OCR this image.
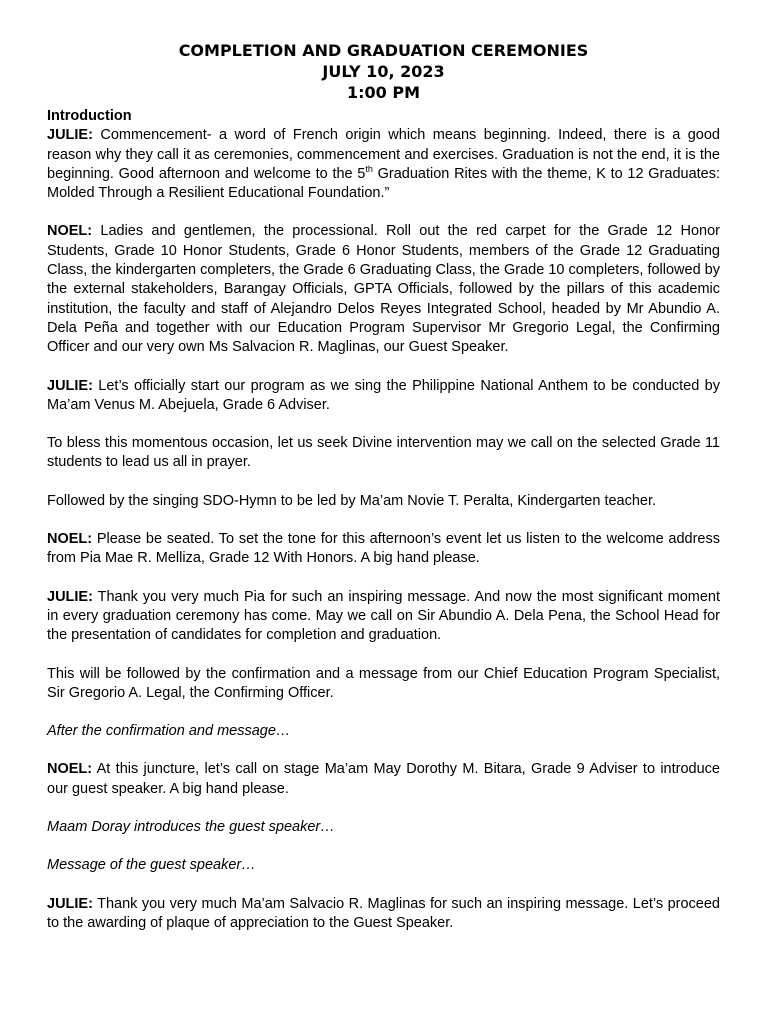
COMPLETION AND GRADUATION CEREMONIES
JULY 10, 2023
1:00 PM
Introduction

JULIE: Commencement- a word of French origin which means beginning. Indeed, there is a good reason why they call it as ceremonies, commencement and exercises. Graduation is not the end, it is the beginning. Good afternoon and welcome to the 5th Graduation Rites with the theme, K to 12 Graduates: Molded Through a Resilient Educational Foundation.”

NOEL: Ladies and gentlemen, the processional. Roll out the red carpet for the Grade 12 Honor Students, Grade 10 Honor Students, Grade 6 Honor Students, members of the Grade 12 Graduating Class, the kindergarten completers, the Grade 6 Graduating Class, the Grade 10 completers, followed by the external stakeholders, Barangay Officials, GPTA Officials, followed by the pillars of this academic institution, the faculty and staff of Alejandro Delos Reyes Integrated School, headed by Mr Abundio A. Dela Peña and together with our Education Program Supervisor Mr Gregorio Legal, the Confirming Officer and our very own Ms Salvacion R. Maglinas, our Guest Speaker.

JULIE: Let’s officially start our program as we sing the Philippine National Anthem to be conducted by Ma’am Venus M. Abejuela, Grade 6 Adviser.

To bless this momentous occasion, let us seek Divine intervention may we call on the selected Grade 11 students to lead us all in prayer.

Followed by the singing SDO-Hymn to be led by Ma’am Novie T. Peralta, Kindergarten teacher.

NOEL: Please be seated. To set the tone for this afternoon’s event let us listen to the welcome address from Pia Mae R. Melliza, Grade 12 With Honors. A big hand please.

JULIE: Thank you very much Pia for such an inspiring message. And now the most significant moment in every graduation ceremony has come. May we call on Sir Abundio A. Dela Pena, the School Head for the presentation of candidates for completion and graduation.

This will be followed by the confirmation and a message from our Chief Education Program Specialist, Sir Gregorio A. Legal, the Confirming Officer.

After the confirmation and message…

NOEL: At this juncture, let’s call on stage Ma’am May Dorothy M. Bitara, Grade 9 Adviser to introduce our guest speaker. A big hand please.

Maam Doray introduces the guest speaker…

Message of the guest speaker…

JULIE: Thank you very much Ma’am Salvacio R. Maglinas for such an inspiring message. Let’s proceed to the awarding of plaque of appreciation to the Guest Speaker.
